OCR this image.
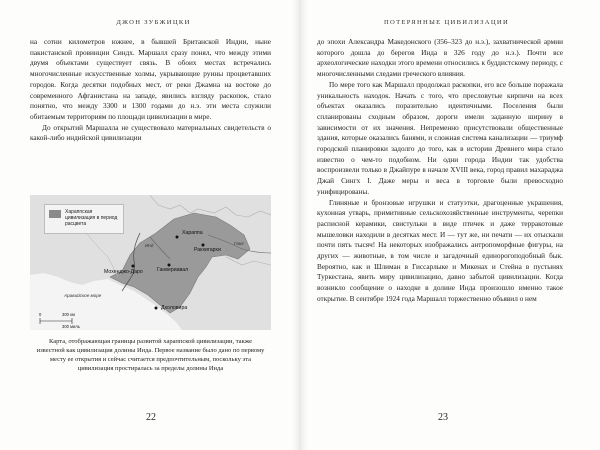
ДЖОН ЗУБЖИЦКИ

на сотни километров южнее, в бывшей Британской Индии, ныне пакистанской провинции Синдх. Маршалл сразу понял, что между этими двумя объектами существует связь. В обоих местах встречались многочисленные искусственные холмы, укрывающие руины процветавших городов. Когда десятки подобных мест, от реки Джамна на востоке до современного Афганистана на западе, явились взгляду раскопок, стало понятно, что между 3300 и 1300 годами до н.э. эти места служили обитаемым территориям по площади цивилизации в мире.

До открытий Маршалла не существовало материальных свидетельств о какой-либо индийской цивилизации

Хараппская цивилизация в период расцвета
Хараппа
Ракхигархи
Мохенджо-Даро	Ганвериавал
Дхоловира
Инд	Ганг
Аравийское море
0	300 км
300 миль
Карта, отображающая границы развитой хараппской цивилизации, также известной как цивилизация долины Инда. Первое название было дано по первому месту ее открытия и сейчас считается предпочтительным, поскольку эта цивилизация простиралась за пределы долины Инда
22
ПОТЕРЯННЫЕ ЦИВИЛИЗАЦИИ

до эпохи Александра Македонского (356–323 до н.э.), захватнической армии которого дошла до берегов Инда в 326 году до н.э.). Почти все археологические находки этого времени относились к буддистскому периоду, с многочисленными следами греческого влияния.

По мере того как Маршалл продолжал раскопки, его все больше поражала уникальность находок. Начать с того, что пресловутые кирпичи на всех объектах оказались поразительно идентичными. Поселения были спланированы сходным образом, дороги имели заданную ширину в зависимости от их значения. Непременно присутствовали общественные здания, которые оказались банями, и сложная система канализации — триумф городской планировки задолго до того, как в истории Древнего мира стало известно о чем-то подобном. Ни одни города Индии так удобства воспроизвели только в Джайпуре в начале XVIII века, город правил махараджа Джай Сингх I. Даже меры и веса в торговле были превосходно унифицированы.

Глиняные и бронзовые игрушки и статуэтки, драгоценные украшения, кухонная утварь, примитивные сельскохозяйственные инструменты, черепки расписной керамики, свистульки в виде птичек и даже терракотовые мышеловки находили в десятках мест. И — тут же, ни печати — их отыскали почти пять тысяч! На некоторых изображались антропоморфные фигуры, на других — животные, в том числе и загадочный единорогоподобный бык. Вероятно, как и Шлиман в Гиссарлыке и Микенах и Стейна в пустынях Туркестана, явить миру цивилизацию, давно забытой цивилизации. Когда возникло сообщение о находке в долине Инда произошло именно такое открытие. В сентябре 1924 года Маршалл торжественно объявил о нем

23
